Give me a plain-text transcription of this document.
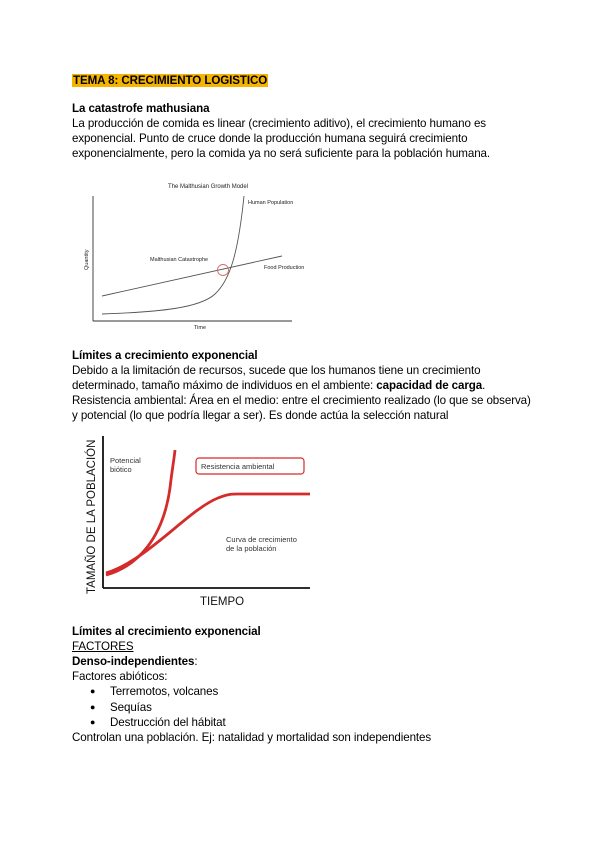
TEMA 8: CRECIMIENTO LOGISTICO

La catastrofe mathusiana

La producción de comida es linear (crecimiento aditivo), el crecimiento humano es

exponencial. Punto de cruce donde la producción humana seguirá crecimiento

exponencialmente, pero la comida ya no será suficiente para la población humana.

The Malthusian Growth Model
Quantity
Time
Human Population
Food Production
Malthusian Catastrophe

Límites a crecimiento exponencial

Debido a la limitación de recursos, sucede que los humanos tiene un crecimiento

determinado, tamaño máximo de individuos en el ambiente: capacidad de carga.

Resistencia ambiental: Área en el medio: entre el crecimiento realizado (lo que se observa)

y potencial (lo que podría llegar a ser). Es donde actúa la selección natural

TAMAÑO DE LA POBLACIÓN
TIEMPO
Potencial
biótico	Resistencia ambiental
Curva de crecimiento
de la población

Límites al crecimiento exponencial

FACTORES

Denso-independientes:

Factores abióticos:

● Terremotos, volcanes
● Sequías
● Destrucción del hábitat

Controlan una población. Ej: natalidad y mortalidad son independientes
